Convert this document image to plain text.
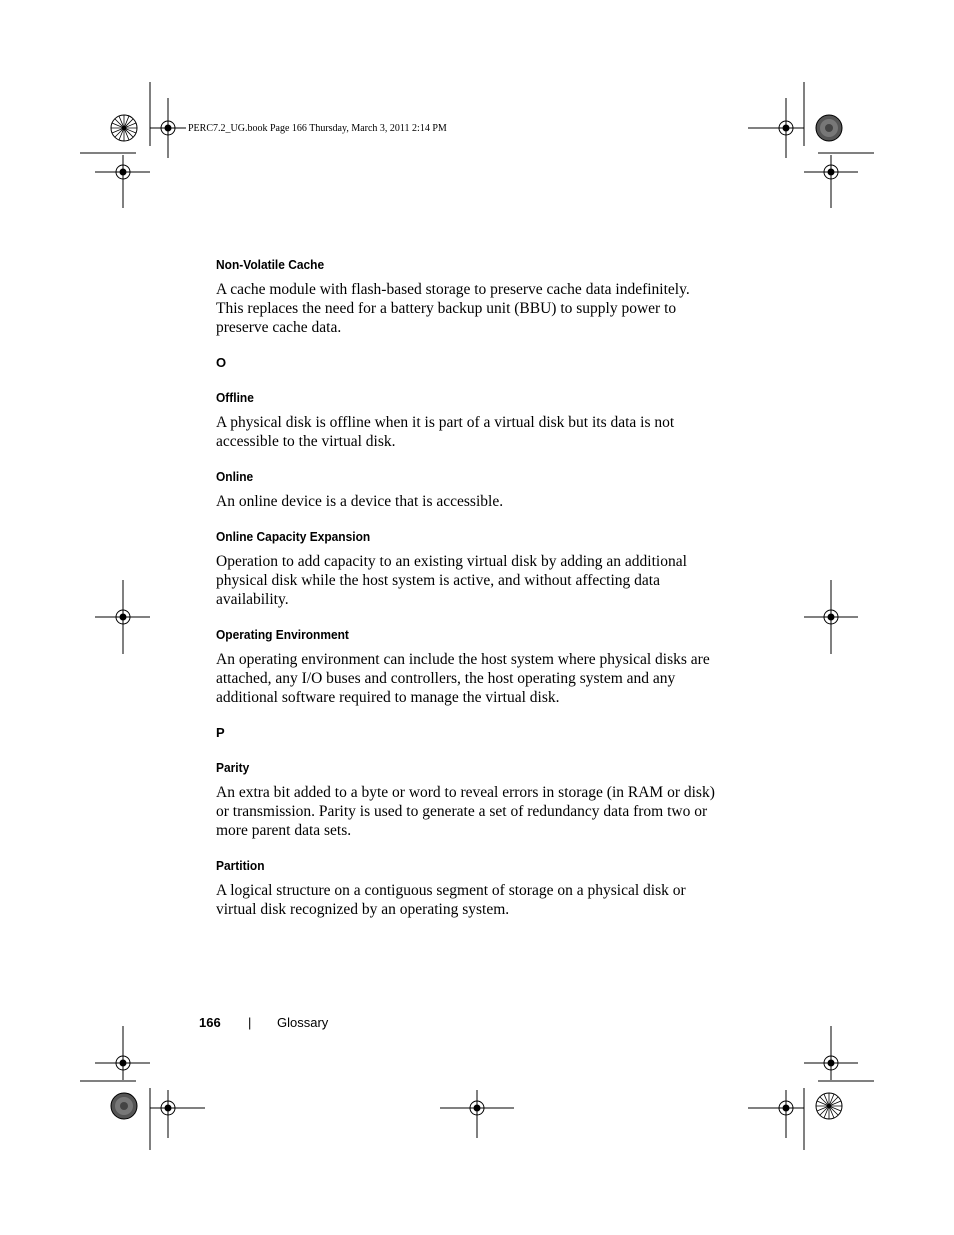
PERC7.2_UG.book Page 166 Thursday, March 3, 2011 2:14 PM
Non-Volatile Cache
A cache module with flash-based storage to preserve cache data indefinitely. This replaces the need for a battery backup unit (BBU) to supply power to preserve cache data.
O
Offline
A physical disk is offline when it is part of a virtual disk but its data is not accessible to the virtual disk.
Online
An online device is a device that is accessible.
Online Capacity Expansion
Operation to add capacity to an existing virtual disk by adding an additional physical disk while the host system is active, and without affecting data availability.
Operating Environment
An operating environment can include the host system where physical disks are attached, any I/O buses and controllers, the host operating system and any additional software required to manage the virtual disk.
P
Parity
An extra bit added to a byte or word to reveal errors in storage (in RAM or disk) or transmission. Parity is used to generate a set of redundancy data from two or more parent data sets.
Partition
A logical structure on a contiguous segment of storage on a physical disk or virtual disk recognized by an operating system.
166 | Glossary
